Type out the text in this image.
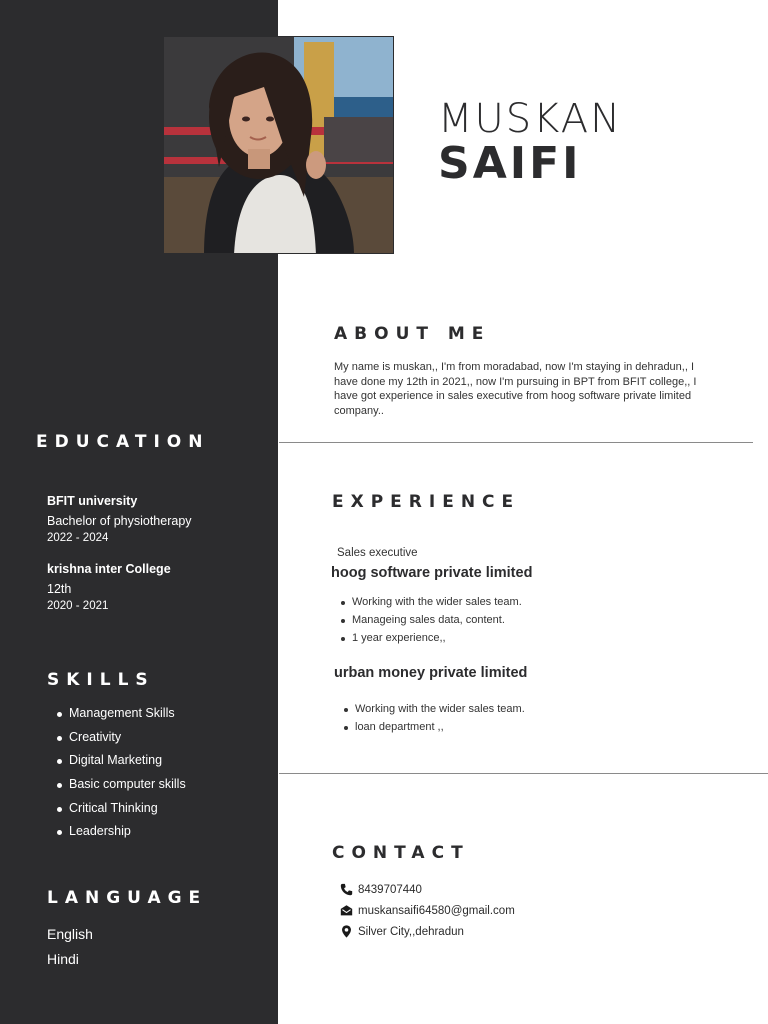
MUSKAN
SAIFI
ABOUT ME
My name is muskan,, I'm from moradabad, now I'm staying in dehradun,, I have done my 12th in 2021,, now I'm pursuing in BPT from BFIT college,, I have got experience in sales executive from hoog software private limited company..
EDUCATION
BFIT university
Bachelor of physiotherapy
2022 - 2024
krishna inter College
12th
2020 - 2021
SKILLS
Management Skills
Creativity
Digital Marketing
Basic computer skills
Critical Thinking
Leadership
LANGUAGE
English
Hindi
EXPERIENCE
Sales executive
hoog software private limited
Working with the wider sales team.
Manageing sales data, content.
1 year experience,,
urban money private limited
Working with the wider sales team.
loan department ,,
CONTACT
8439707440
muskansaifi64580@gmail.com
Silver City,,dehradun
